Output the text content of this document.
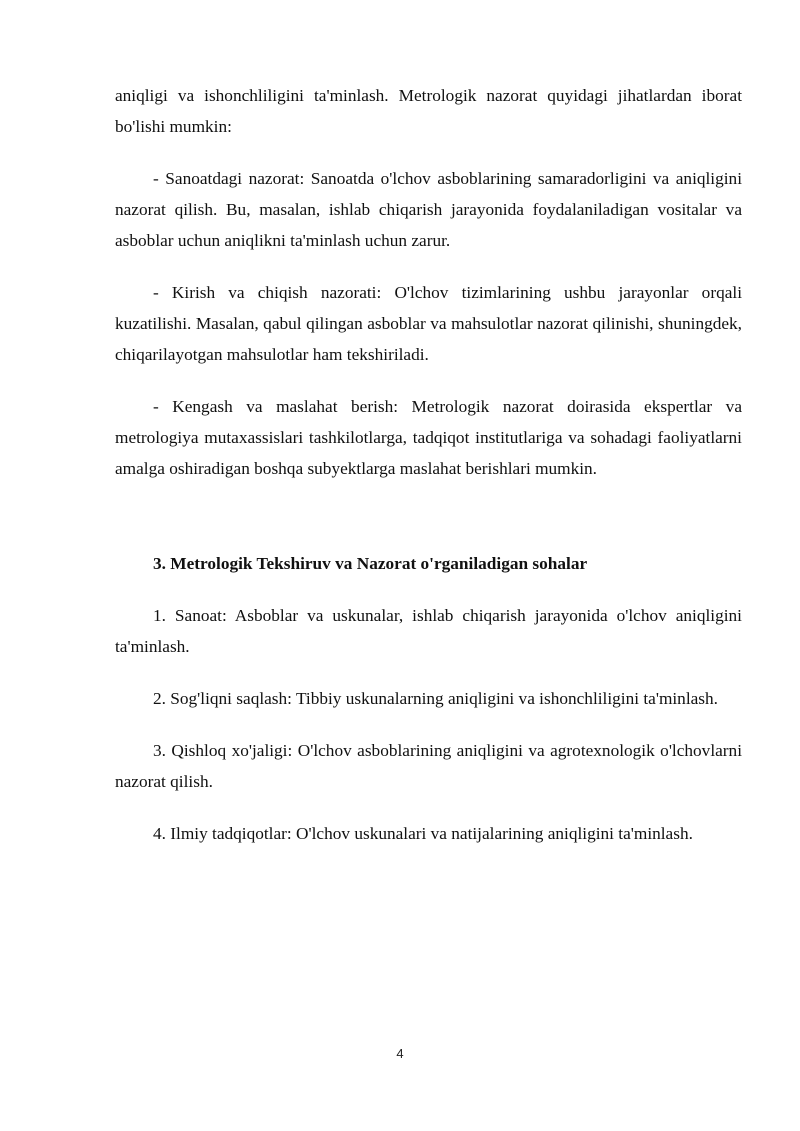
aniqligi va ishonchliligini ta'minlash. Metrologik nazorat quyidagi jihatlardan iborat bo'lishi mumkin:

- Sanoatdagi nazorat: Sanoatda o'lchov asboblarining samaradorligini va aniqligini nazorat qilish. Bu, masalan, ishlab chiqarish jarayonida foydalaniladigan vositalar va asboblar uchun aniqlikni ta'minlash uchun zarur.

- Kirish va chiqish nazorati: O'lchov tizimlarining ushbu jarayonlar orqali kuzatilishi. Masalan, qabul qilingan asboblar va mahsulotlar nazorat qilinishi, shuningdek, chiqarilayotgan mahsulotlar ham tekshiriladi.

- Kengash va maslahat berish: Metrologik nazorat doirasida ekspertlar va metrologiya mutaxassislari tashkilotlarga, tadqiqot institutlariga va sohadagi faoliyatlarni amalga oshiradigan boshqa subyektlarga maslahat berishlari mumkin.

3. Metrologik Tekshiruv va Nazorat o'rganiladigan sohalar

1. Sanoat: Asboblar va uskunalar, ishlab chiqarish jarayonida o'lchov aniqligini ta'minlash.

2. Sog'liqni saqlash: Tibbiy uskunalarning aniqligini va ishonchliligini ta'minlash.

3. Qishloq xo'jaligi: O'lchov asboblarining aniqligini va agrotexnologik o'lchovlarni nazorat qilish.

4. Ilmiy tadqiqotlar: O'lchov uskunalari va natijalarining aniqligini ta'minlash.

4
